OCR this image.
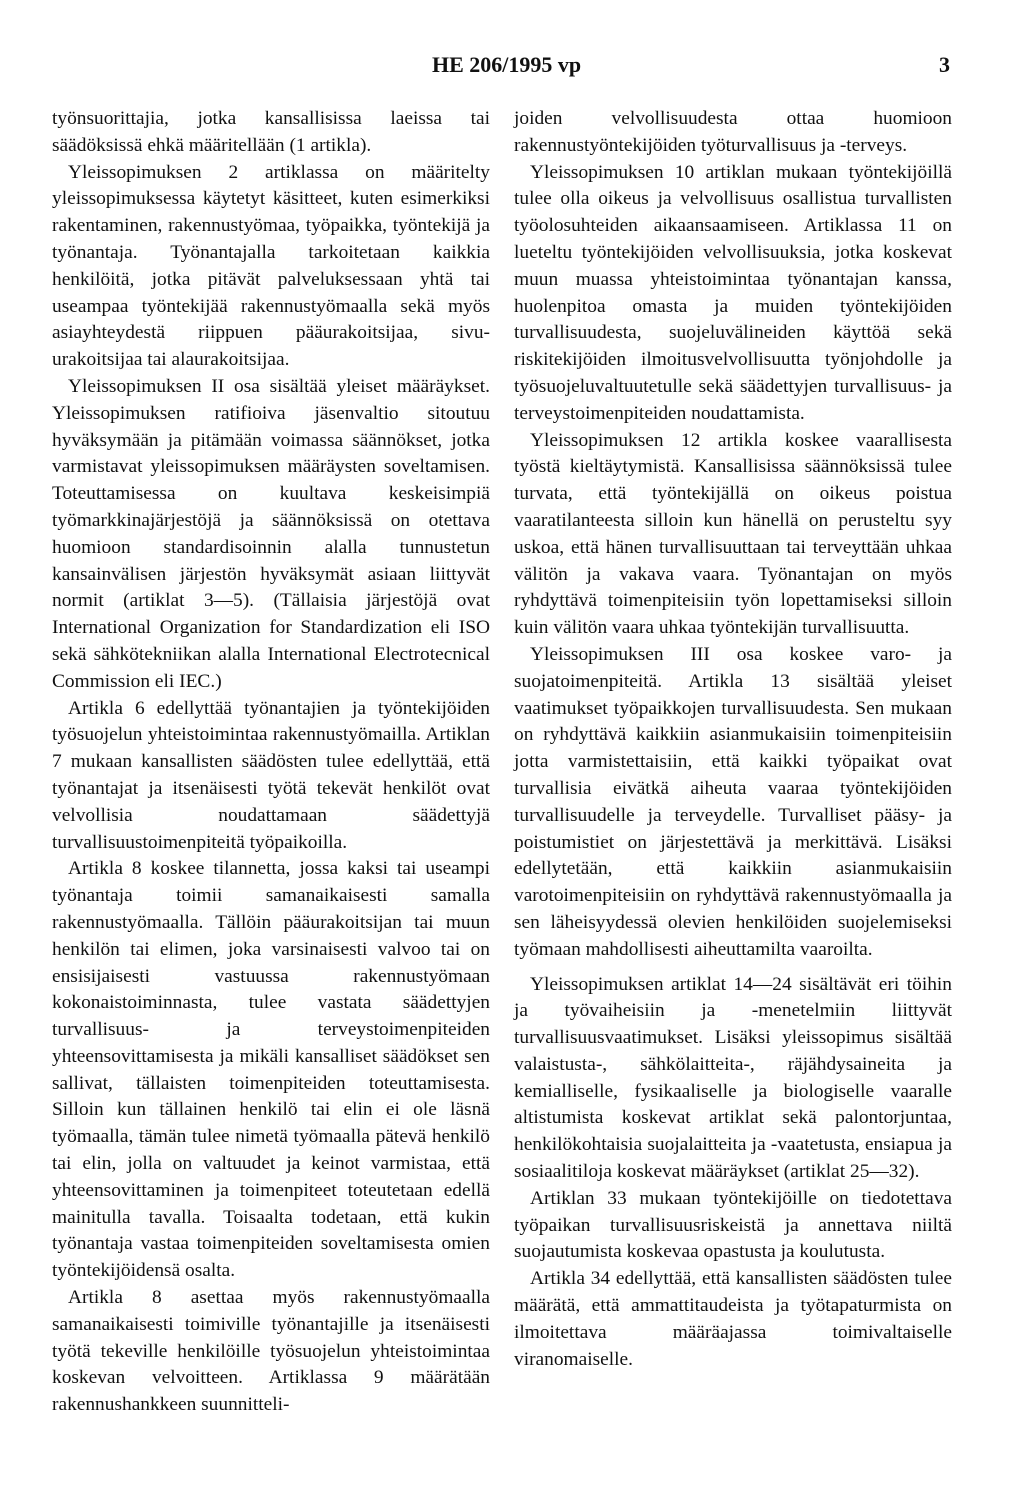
HE 206/1995 vp	3

työnsuorittajia, jotka kansallisissa laeissa tai säädöksissä ehkä määritellään (1 artikla).

Yleissopimuksen 2 artiklassa on määritelty yleissopimuksessa käytetyt käsitteet, kuten esimerkiksi rakentaminen, rakennustyömaa, työpaikka, työntekijä ja työnantaja. Työnantajalla tarkoitetaan kaikkia henkilöitä, jotka pitävät palveluksessaan yhtä tai useampaa työntekijää rakennustyömaalla sekä myös asiayhteydestä riippuen pääurakoitsijaa, sivu-urakoitsijaa tai alaurakoitsijaa.

Yleissopimuksen II osa sisältää yleiset määräykset. Yleissopimuksen ratifioiva jäsenvaltio sitoutuu hyväksymään ja pitämään voimassa säännökset, jotka varmistavat yleissopimuksen määräysten soveltamisen. Toteuttamisessa on kuultava keskeisimpiä työmarkkinajärjestöjä ja säännöksissä on otettava huomioon standardisoinnin alalla tunnustetun kansainvälisen järjestön hyväksymät asiaan liittyvät normit (artiklat 3—5). (Tällaisia järjestöjä ovat International Organization for Standardization eli ISO sekä sähkötekniikan alalla International Electrotecnical Commission eli IEC.)

Artikla 6 edellyttää työnantajien ja työntekijöiden työsuojelun yhteistoimintaa rakennustyömailla. Artiklan 7 mukaan kansallisten säädösten tulee edellyttää, että työnantajat ja itsenäisesti työtä tekevät henkilöt ovat velvollisia noudattamaan säädettyjä turvallisuustoimenpiteitä työpaikoilla.

Artikla 8 koskee tilannetta, jossa kaksi tai useampi työnantaja toimii samanaikaisesti samalla rakennustyömaalla. Tällöin pääurakoitsijan tai muun henkilön tai elimen, joka varsinaisesti valvoo tai on ensisijaisesti vastuussa rakennustyömaan kokonaistoiminnasta, tulee vastata säädettyjen turvallisuus- ja terveystoimenpiteiden yhteensovittamisesta ja mikäli kansalliset säädökset sen sallivat, tällaisten toimenpiteiden toteuttamisesta. Silloin kun tällainen henkilö tai elin ei ole läsnä työmaalla, tämän tulee nimetä työmaalla pätevä henkilö tai elin, jolla on valtuudet ja keinot varmistaa, että yhteensovittaminen ja toimenpiteet toteutetaan edellä mainitulla tavalla. Toisaalta todetaan, että kukin työnantaja vastaa toimenpiteiden soveltamisesta omien työntekijöidensä osalta.

Artikla 8 asettaa myös rakennustyömaalla samanaikaisesti toimiville työnantajille ja itsenäisesti työtä tekeville henkilöille työsuojelun yhteistoimintaa koskevan velvoitteen. Artiklassa 9 määrätään rakennushankkeen suunnitteli-

joiden velvollisuudesta ottaa huomioon rakennustyöntekijöiden työturvallisuus ja -terveys.

Yleissopimuksen 10 artiklan mukaan työntekijöillä tulee olla oikeus ja velvollisuus osallistua turvallisten työolosuhteiden aikaansaamiseen. Artiklassa 11 on lueteltu työntekijöiden velvollisuuksia, jotka koskevat muun muassa yhteistoimintaa työnantajan kanssa, huolenpitoa omasta ja muiden työntekijöiden turvallisuudesta, suojeluvälineiden käyttöä sekä riskitekijöiden ilmoitusvelvollisuutta työnjohdolle ja työsuojeluvaltuutetulle sekä säädettyjen turvallisuus- ja terveystoimenpiteiden noudattamista.

Yleissopimuksen 12 artikla koskee vaarallisesta työstä kieltäytymistä. Kansallisissa säännöksissä tulee turvata, että työntekijällä on oikeus poistua vaaratilanteesta silloin kun hänellä on perusteltu syy uskoa, että hänen turvallisuuttaan tai terveyttään uhkaa välitön ja vakava vaara. Työnantajan on myös ryhdyttävä toimenpiteisiin työn lopettamiseksi silloin kuin välitön vaara uhkaa työntekijän turvallisuutta.

Yleissopimuksen III osa koskee varo- ja suojatoimenpiteitä. Artikla 13 sisältää yleiset vaatimukset työpaikkojen turvallisuudesta. Sen mukaan on ryhdyttävä kaikkiin asianmukaisiin toimenpiteisiin jotta varmistettaisiin, että kaikki työpaikat ovat turvallisia eivätkä aiheuta vaaraa työntekijöiden turvallisuudelle ja terveydelle. Turvalliset pääsy- ja poistumistiet on järjestettävä ja merkittävä. Lisäksi edellytetään, että kaikkiin asianmukaisiin varotoimenpiteisiin on ryhdyttävä rakennustyömaalla ja sen läheisyydessä olevien henkilöiden suojelemiseksi työmaan mahdollisesti aiheuttamilta vaaroilta.

Yleissopimuksen artiklat 14—24 sisältävät eri töihin ja työvaiheisiin ja -menetelmiin liittyvät turvallisuusvaatimukset. Lisäksi yleissopimus sisältää valaistusta-, sähkölaitteita-, räjähdysaineita ja kemialliselle, fysikaaliselle ja biologiselle vaaralle altistumista koskevat artiklat sekä palontorjuntaa, henkilökohtaisia suojalaitteita ja -vaatetusta, ensiapua ja sosiaalitiloja koskevat määräykset (artiklat 25—32).

Artiklan 33 mukaan työntekijöille on tiedotettava työpaikan turvallisuusriskeistä ja annettava niiltä suojautumista koskevaa opastusta ja koulutusta.

Artikla 34 edellyttää, että kansallisten säädösten tulee määrätä, että ammattitaudeista ja työtapaturmista on ilmoitettava määräajassa toimivaltaiselle viranomaiselle.
